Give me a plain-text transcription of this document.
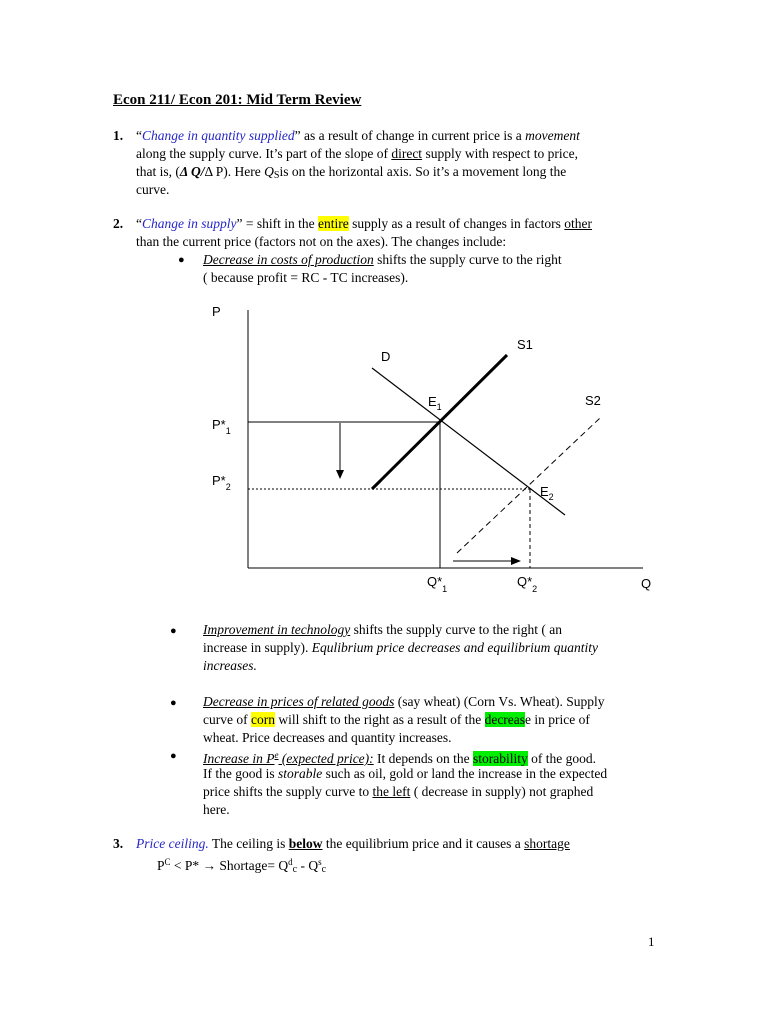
Econ 211/ Econ 201: Mid Term Review
1. “Change in quantity supplied” as a result of change in current price is a movement
along the supply curve. It’s part of the slope of direct supply with respect to price,
that is, (Δ Q/Δ P). Here QSis on the horizontal axis. So it’s a movement long the
curve.
2. “Change in supply” = shift in the entire supply as a result of changes in factors other
than the current price (factors not on the axes). The changes include:
● Decrease in costs of production shifts the supply curve to the right
( because profit = RC - TC increases).
P
Q
D
S1
S2
$E_1$
$E_2$
$P*_1$
$P*_2$
$Q*_1$	$Q*_2$
● Improvement in technology shifts the supply curve to the right ( an
increase in supply). Equlibrium price decreases and equilibrium quantity
increases.
● Decrease in prices of related goods (say wheat) (Corn Vs. Wheat). Supply
curve of corn will shift to the right as a result of the decrease in price of
wheat. Price decreases and quantity increases.
● Increase in $P^e$ (expected price): It depends on the storability of the good.
If the good is storable such as oil, gold or land the increase in the expected
price shifts the supply curve to the left ( decrease in supply) not graphed
here.
3. Price ceiling. The ceiling is below the equilibrium price and it causes a shortage
$P^C < P*$ → Shortage= $Q^dc - Q^sc$
1
